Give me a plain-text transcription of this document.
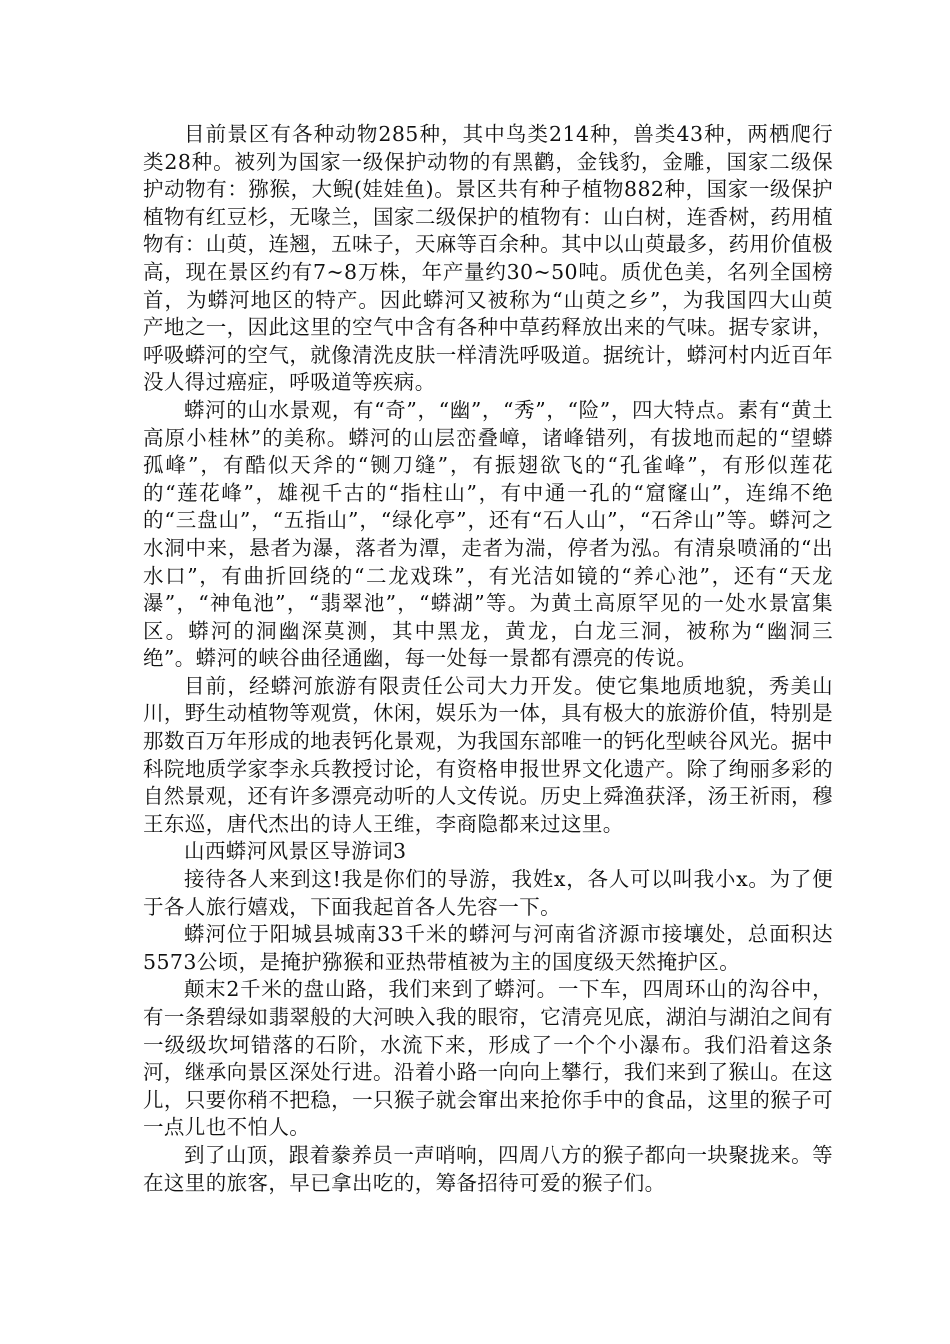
目前景区有各种动物285种，其中鸟类214种，兽类43种，两栖爬行类28种。被列为国家一级保护动物的有黑鹳，金钱豹，金雕，国家二级保护动物有：猕猴，大鲵(娃娃鱼)。景区共有种子植物882种，国家一级保护植物有红豆杉，无喙兰，国家二级保护的植物有：山白树，连香树，药用植物有：山萸，连翘，五味子，天麻等百余种。其中以山萸最多，药用价值极高，现在景区约有7~8万株，年产量约30~50吨。质优色美，名列全国榜首，为蟒河地区的特产。因此蟒河又被称为“山萸之乡”，为我国四大山萸产地之一，因此这里的空气中含有各种中草药释放出来的气味。据专家讲，呼吸蟒河的空气，就像清洗皮肤一样清洗呼吸道。据统计，蟒河村内近百年没人得过癌症，呼吸道等疾病。

蟒河的山水景观，有“奇”，“幽”，“秀”，“险”，四大特点。素有“黄土高原小桂林”的美称。蟒河的山层峦叠嶂，诸峰错列，有拔地而起的“望蟒孤峰”，有酷似天斧的“铡刀缝”，有振翅欲飞的“孔雀峰”，有形似莲花的“莲花峰”，雄视千古的“指柱山”，有中通一孔的“窟窿山”，连绵不绝的“三盘山”，“五指山”，“绿化亭”，还有“石人山”，“石斧山”等。蟒河之水洞中来，悬者为瀑，落者为潭，走者为湍，停者为泓。有清泉喷涌的“出水口”，有曲折回绕的“二龙戏珠”，有光洁如镜的“养心池”，还有“天龙瀑”，“神龟池”，“翡翠池”，“蟒湖”等。为黄土高原罕见的一处水景富集区。蟒河的洞幽深莫测，其中黑龙，黄龙，白龙三洞，被称为“幽洞三绝”。蟒河的峡谷曲径通幽，每一处每一景都有漂亮的传说。

目前，经蟒河旅游有限责任公司大力开发。使它集地质地貌，秀美山川，野生动植物等观赏，休闲，娱乐为一体，具有极大的旅游价值，特别是那数百万年形成的地表钙化景观，为我国东部唯一的钙化型峡谷风光。据中科院地质学家李永兵教授讨论，有资格申报世界文化遗产。除了绚丽多彩的自然景观，还有许多漂亮动听的人文传说。历史上舜渔获泽，汤王祈雨，穆王东巡，唐代杰出的诗人王维，李商隐都来过这里。

山西蟒河风景区导游词3

接待各人来到这!我是你们的导游，我姓x，各人可以叫我小x。为了便于各人旅行嬉戏，下面我起首各人先容一下。

蟒河位于阳城县城南33千米的蟒河与河南省济源市接壤处，总面积达5573公顷，是掩护猕猴和亚热带植被为主的国度级天然掩护区。

颠末2千米的盘山路，我们来到了蟒河。一下车，四周环山的沟谷中，有一条碧绿如翡翠般的大河映入我的眼帘，它清亮见底，湖泊与湖泊之间有一级级坎坷错落的石阶，水流下来，形成了一个个小瀑布。我们沿着这条河，继承向景区深处行进。沿着小路一向向上攀行，我们来到了猴山。在这儿，只要你稍不把稳，一只猴子就会窜出来抢你手中的食品，这里的猴子可一点儿也不怕人。

到了山顶，跟着豢养员一声哨响，四周八方的猴子都向一块聚拢来。等在这里的旅客，早已拿出吃的，筹备招待可爱的猴子们。
